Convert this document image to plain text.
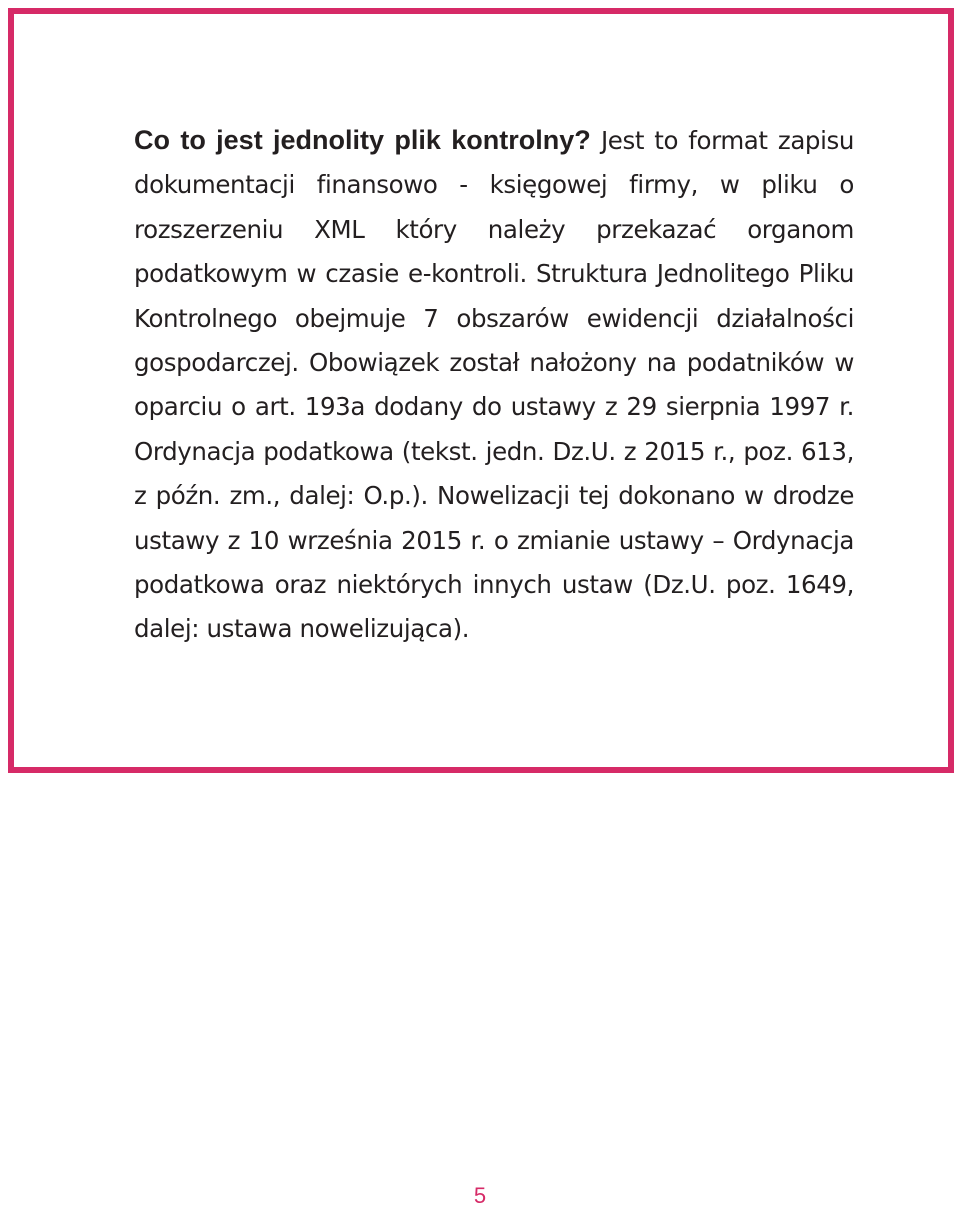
Co to jest jednolity plik kontrolny? Jest to format zapisu dokumentacji finansowo - księgowej firmy, w pliku o rozszerzeniu XML który należy przekazać organom podatkowym w czasie e-kontroli. Struktura Jednolitego Pliku Kontrolnego obejmuje 7 obszarów ewidencji działalności gospodarczej. Obowiązek został nałożony na podatników w oparciu o art. 193a dodany do ustawy z 29 sierpnia 1997 r. Ordynacja podatkowa (tekst. jedn. Dz.U. z 2015 r., poz. 613, z późn. zm., dalej: O.p.). Nowelizacji tej dokonano w drodze ustawy z 10 września 2015 r. o zmianie ustawy – Ordynacja podatkowa oraz niektórych innych ustaw (Dz.U. poz. 1649, dalej: ustawa nowelizująca).

5
